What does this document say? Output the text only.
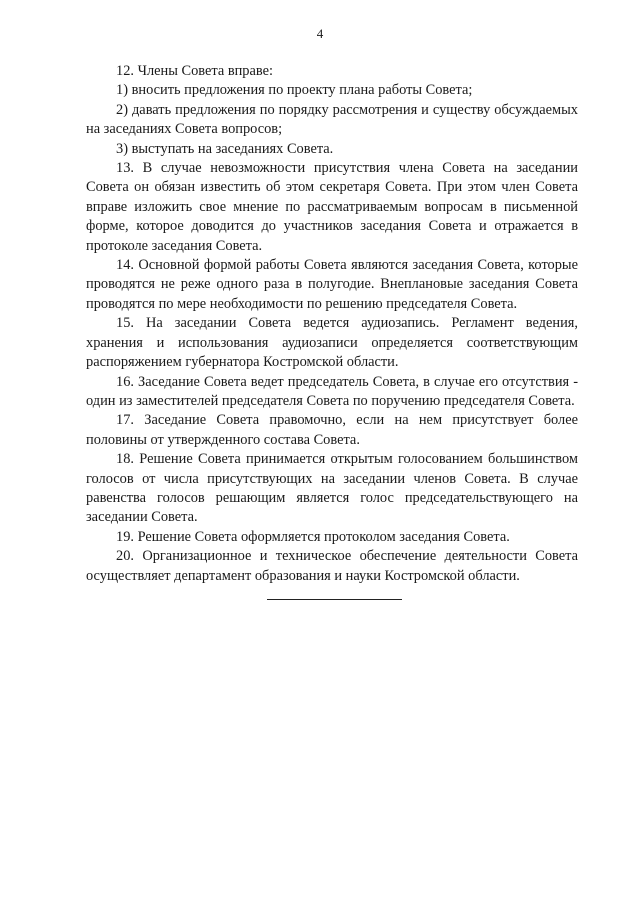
4

12. Члены Совета вправе:

1) вносить предложения по проекту плана работы Совета;

2) давать предложения по порядку рассмотрения и существу обсуждаемых на заседаниях Совета вопросов;

3) выступать на заседаниях Совета.

13. В случае невозможности присутствия члена Совета на заседании Совета он обязан известить об этом секретаря Совета. При этом член Совета вправе изложить свое мнение по рассматриваемым вопросам в письменной форме, которое доводится до участников заседания Совета и отражается в протоколе заседания Совета.

14. Основной формой работы Совета являются заседания Совета, которые проводятся не реже одного раза в полугодие. Внеплановые заседания Совета проводятся по мере необходимости по решению председателя Совета.

15. На заседании Совета ведется аудиозапись. Регламент ведения, хранения и использования аудиозаписи определяется соответствующим распоряжением губернатора Костромской области.

16. Заседание Совета ведет председатель Совета, в случае его отсутствия - один из заместителей председателя Совета по поручению председателя Совета.

17. Заседание Совета правомочно, если на нем присутствует более половины от утвержденного состава Совета.

18. Решение Совета принимается открытым голосованием большинством голосов от числа присутствующих на заседании членов Совета. В случае равенства голосов решающим является голос председательствующего на заседании Совета.

19. Решение Совета оформляется протоколом заседания Совета.

20. Организационное и техническое обеспечение деятельности Совета осуществляет департамент образования и науки Костромской области.
